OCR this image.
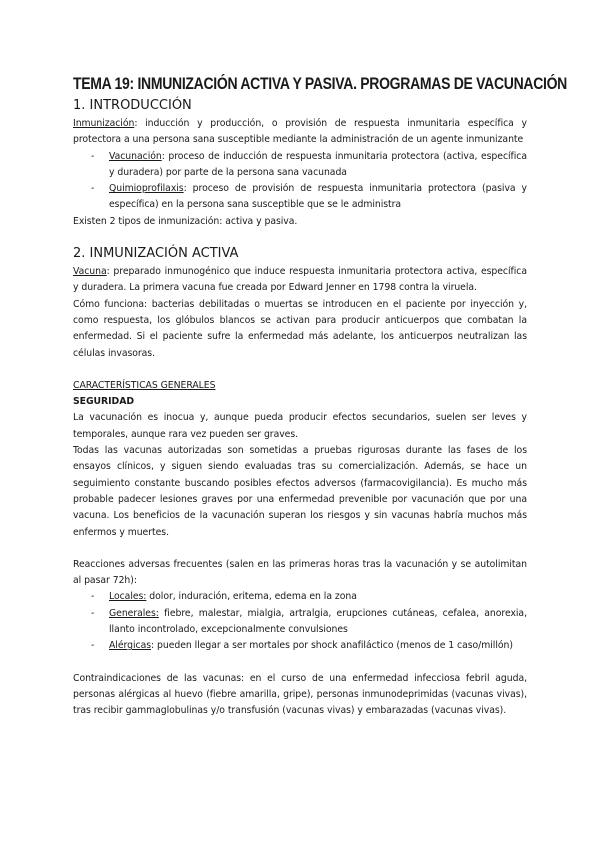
TEMA 19: INMUNIZACIÓN ACTIVA Y PASIVA. PROGRAMAS DE VACUNACIÓN
1. INTRODUCCIÓN

Inmunización: inducción y producción, o provisión de respuesta inmunitaria específica y protectora a una persona sana susceptible mediante la administración de un agente inmunizante

- Vacunación: proceso de inducción de respuesta inmunitaria protectora (activa, específica y duradera) por parte de la persona sana vacunada
- Quimioprofilaxis: proceso de provisión de respuesta inmunitaria protectora (pasiva y específica) en la persona sana susceptible que se le administra

Existen 2 tipos de inmunización: activa y pasiva.

2. INMUNIZACIÓN ACTIVA

Vacuna: preparado inmunogénico que induce respuesta inmunitaria protectora activa, específica y duradera. La primera vacuna fue creada por Edward Jenner en 1798 contra la viruela.

Cómo funciona: bacterias debilitadas o muertas se introducen en el paciente por inyección y, como respuesta, los glóbulos blancos se activan para producir anticuerpos que combatan la enfermedad. Si el paciente sufre la enfermedad más adelante, los anticuerpos neutralizan las células invasoras.

CARACTERÍSTICAS GENERALES

SEGURIDAD

La vacunación es inocua y, aunque pueda producir efectos secundarios, suelen ser leves y temporales, aunque rara vez pueden ser graves.

Todas las vacunas autorizadas son sometidas a pruebas rigurosas durante las fases de los ensayos clínicos, y siguen siendo evaluadas tras su comercialización. Además, se hace un seguimiento constante buscando posibles efectos adversos (farmacovigilancia). Es mucho más probable padecer lesiones graves por una enfermedad prevenible por vacunación que por una vacuna. Los beneficios de la vacunación superan los riesgos y sin vacunas habría muchos más enfermos y muertes.

Reacciones adversas frecuentes (salen en las primeras horas tras la vacunación y se autolimitan al pasar 72h):

- Locales: dolor, induración, eritema, edema en la zona
- Generales: fiebre, malestar, mialgia, artralgia, erupciones cutáneas, cefalea, anorexia, llanto incontrolado, excepcionalmente convulsiones
- Alérgicas: pueden llegar a ser mortales por shock anafiláctico (menos de 1 caso/millón)

Contraindicaciones de las vacunas: en el curso de una enfermedad infecciosa febril aguda, personas alérgicas al huevo (fiebre amarilla, gripe), personas inmunodeprimidas (vacunas vivas), tras recibir gammaglobulinas y/o transfusión (vacunas vivas) y embarazadas (vacunas vivas).
